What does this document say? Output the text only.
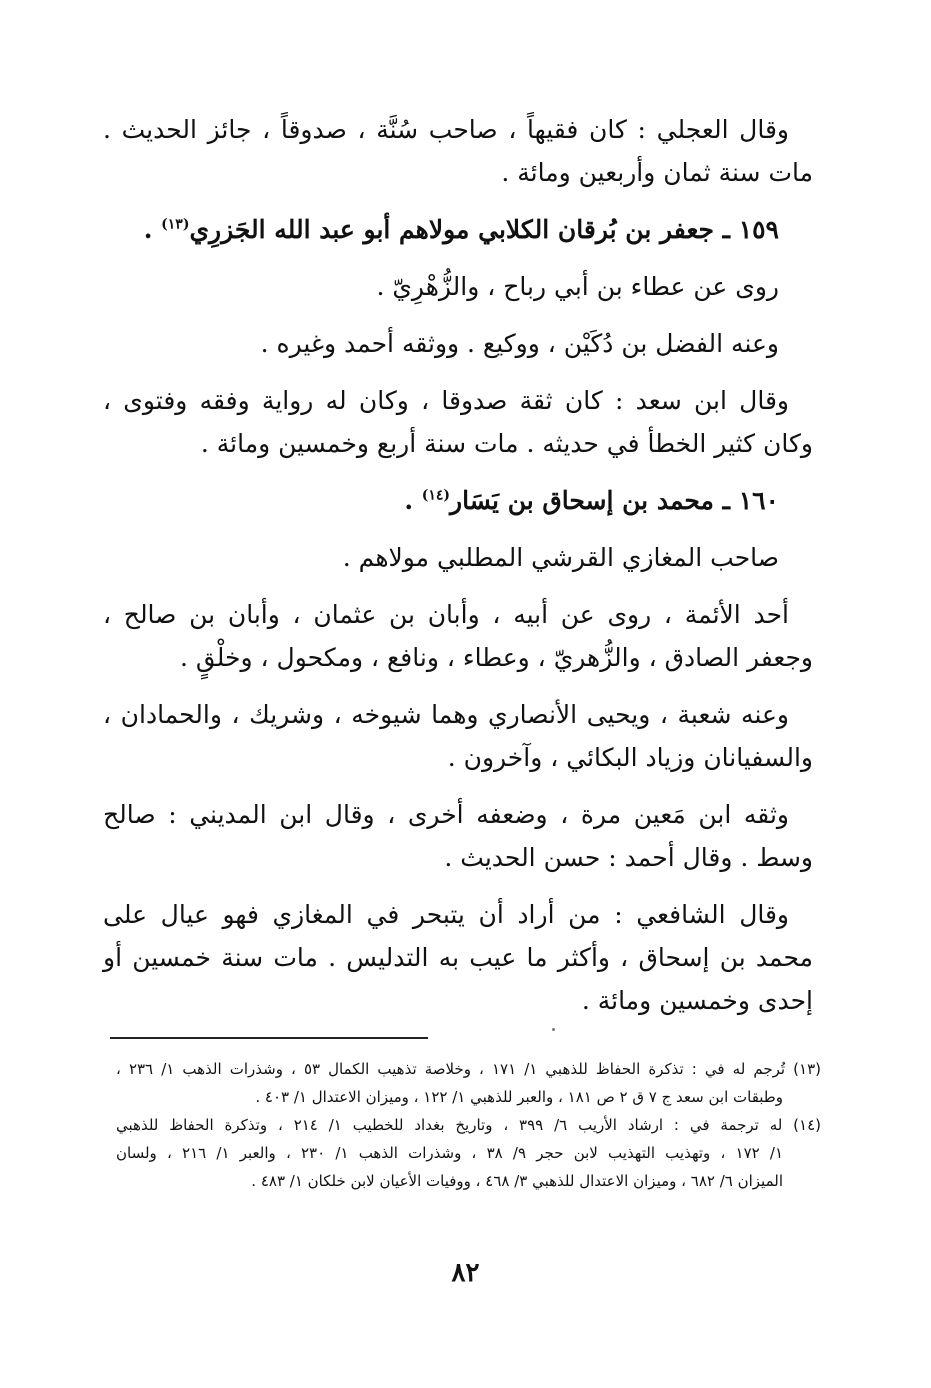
وقال العجلي : كان فقيهاً ، صاحب سُنَّة ، صدوقاً ، جائز الحديث . مات سنة ثمان وأربعين ومائة .

١٥٩ ـ جعفر بن بُرقان الكلابي مولاهم أبو عبد الله الجَزرِي$^{(١٣)}$ .

روى عن عطاء بن أبي رباح ، والزُّهْرِيّ .

وعنه الفضل بن دُكَيْن ، ووكيع . ووثقه أحمد وغيره .

وقال ابن سعد : كان ثقة صدوقا ، وكان له رواية وفقه وفتوى ، وكان كثير الخطأ في حديثه . مات سنة أربع وخمسين ومائة .

١٦٠ ـ محمد بن إسحاق بن يَسَار$^{(١٤)}$ .

صاحب المغازي القرشي المطلبي مولاهم .

أحد الأئمة ، روى عن أبيه ، وأبان بن عثمان ، وأبان بن صالح ، وجعفر الصادق ، والزُّهريّ ، وعطاء ، ونافع ، ومكحول ، وخلْقٍ .

وعنه شعبة ، ويحيى الأنصاري وهما شيوخه ، وشريك ، والحمادان ، والسفيانان وزياد البكائي ، وآخرون .

وثقه ابن مَعين مرة ، وضعفه أخرى ، وقال ابن المديني : صالح وسط . وقال أحمد : حسن الحديث .

وقال الشافعي : من أراد أن يتبحر في المغازي فهو عيال على محمد بن إسحاق ، وأكثر ما عيب به التدليس . مات سنة خمسين أو إحدى وخمسين ومائة .

(١٣) تُرجم له في : تذكرة الحفاظ للذهبي ١/ ١٧١ ، وخلاصة تذهيب الكمال ٥٣ ، وشذرات الذهب ١/ ٢٣٦ ،
وطبقات ابن سعد ج ٧ ق ٢ ص ١٨١ ، والعبر للذهبي ١/ ١٢٢ ، وميزان الاعتدال ١/ ٤٠٣ .
(١٤) له ترجمة في : ارشاد الأريب ٦/ ٣٩٩ ، وتاريخ بغداد للخطيب ١/ ٢١٤ ، وتذكرة الحفاظ للذهبي
١/ ١٧٢ ، وتهذيب التهذيب لابن حجر ٩/ ٣٨ ، وشذرات الذهب ١/ ٢٣٠ ، والعبر ١/ ٢١٦ ، ولسان
الميزان ٦/ ٦٨٢ ، وميزان الاعتدال للذهبي ٣/ ٤٦٨ ، ووفيات الأعيان لابن خلكان ١/ ٤٨٣ .
٨٢
